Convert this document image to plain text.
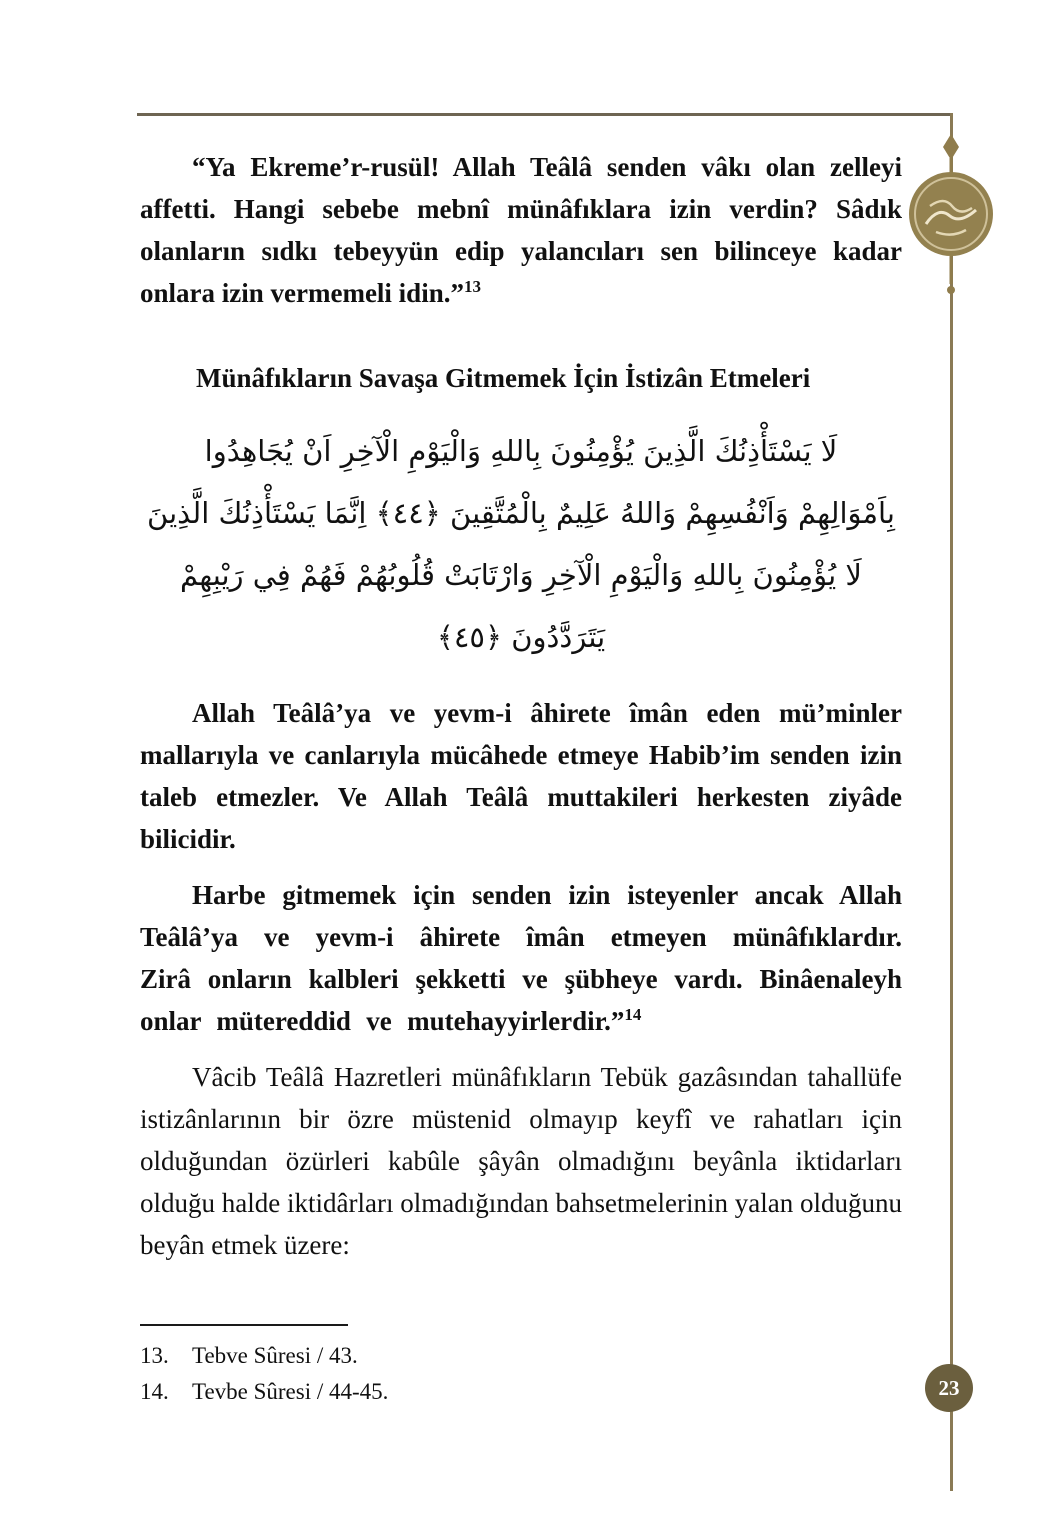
23

“Ya Ekreme’r-rusül! Allah Teâlâ senden vâkı olan zelleyi affetti. Hangi sebebe mebnî münâfıklara izin verdin? Sâdık olanların sıdkı tebeyyün edip yalancıları sen bilinceye kadar onlara izin vermemeli idin.”$^{13}$

Münâfıkların Savaşa Gitmemek İçin İstizân Etmeleri
لَا يَسْتَأْذِنُكَ الَّذِينَ يُؤْمِنُونَ بِاللهِ وَالْيَوْمِ الْآخِرِ اَنْ يُجَاهِدُوا
بِاَمْوَالِهِمْ وَاَنْفُسِهِمْ وَاللهُ عَلِيمٌ بِالْمُتَّقِينَ ﴿٤٤﴾ اِنَّمَا يَسْتَأْذِنُكَ الَّذِينَ
لَا يُؤْمِنُونَ بِاللهِ وَالْيَوْمِ الْآخِرِ وَارْتَابَتْ قُلُوبُهُمْ فَهُمْ فِي رَيْبِهِمْ
يَتَرَدَّدُونَ ﴿٤٥﴾

Allah Teâlâ’ya ve yevm-i âhirete îmân eden mü’minler mallarıyla ve canlarıyla mücâhede etmeye Habib’im senden izin taleb etmezler. Ve Allah Teâlâ muttakileri herkesten ziyâde bilicidir.

Harbe gitmemek için senden izin isteyenler ancak Allah Teâlâ’ya ve yevm-i âhirete îmân etmeyen münâfıklardır. Zirâ onların kalbleri şekketti ve şübheye vardı. Binâenaleyh onlar mütereddid ve mutehayyirlerdir.”$^{14}$

Vâcib Teâlâ Hazretleri münâfıkların Tebük gazâsından tahallüfe istizânlarının bir özre müstenid olmayıp keyfî ve rahatları için olduğundan özürleri kabûle şâyân olmadığını beyânla iktidarları olduğu halde iktidârları olmadığından bahsetmelerinin yalan olduğunu beyân etmek üzere:

13. Tebve Sûresi / 43.
14. Tevbe Sûresi / 44-45.
